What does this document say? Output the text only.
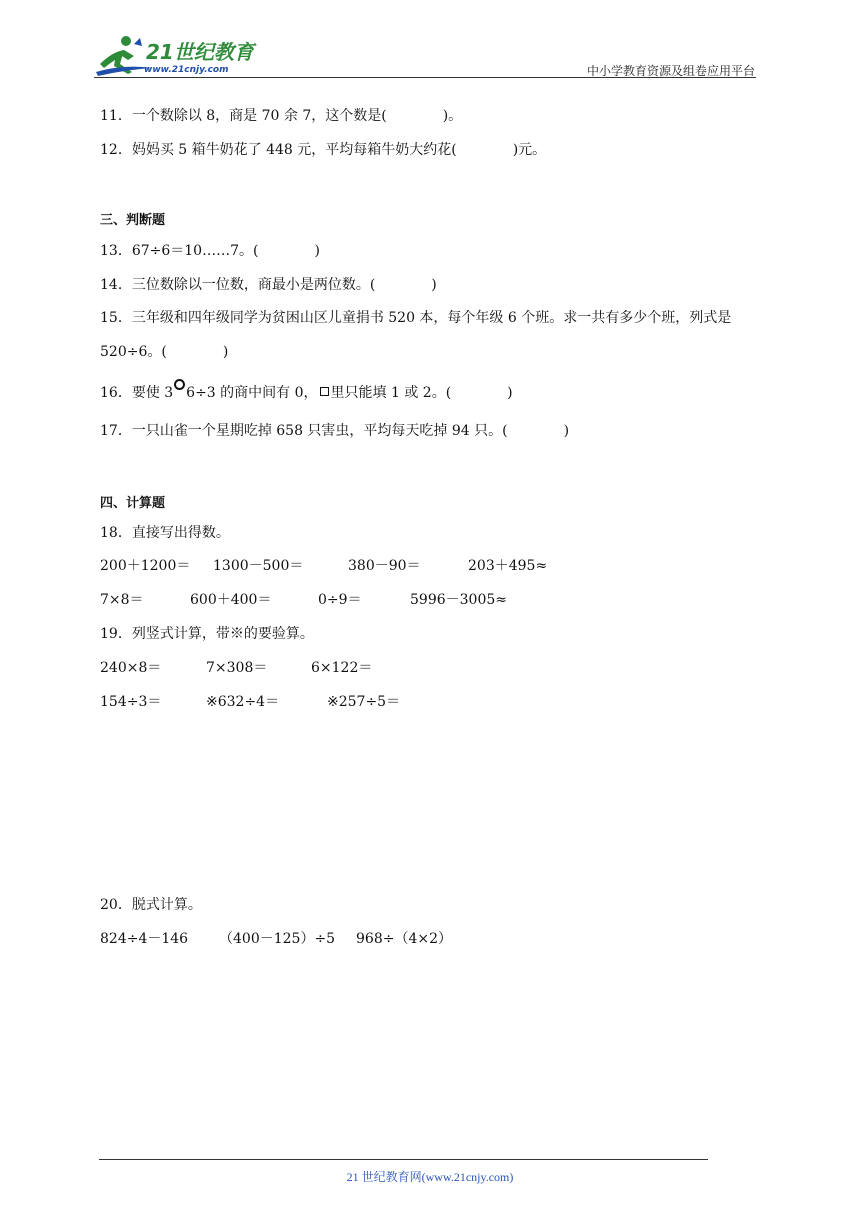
21世纪教育
www.21cnjy.com	中小学教育资源及组卷应用平台
11．一个数除以 8，商是 70 余 7，这个数是(　　　　)。
12．妈妈买 5 箱牛奶花了 448 元，平均每箱牛奶大约花(　　　　)元。
三、判断题
13．67÷6＝10……7。(　　　　)
14．三位数除以一位数，商最小是两位数。(　　　　)
15．三年级和四年级同学为贫困山区儿童捐书 520 本，每个年级 6 个班。求一共有多少个班，列式是
520÷6。(　　　　)
16．要使 3 6÷3 的商中间有 0， 里只能填 1 或 2。(　　　　)
17．一只山雀一个星期吃掉 658 只害虫，平均每天吃掉 94 只。(　　　　)
四、计算题
18．直接写出得数。
200＋1200＝ 1300－500＝	380－90＝	203＋495≈
7×8＝	600＋400＝	0÷9＝	5996－3005≈
19．列竖式计算，带※的要验算。
240×8＝	7×308＝	6×122＝
154÷3＝	※632÷4＝	※257÷5＝
20．脱式计算。
824÷4－146 （400－125）÷5 968÷（4×2）
21 世纪教育网(www.21cnjy.com)
